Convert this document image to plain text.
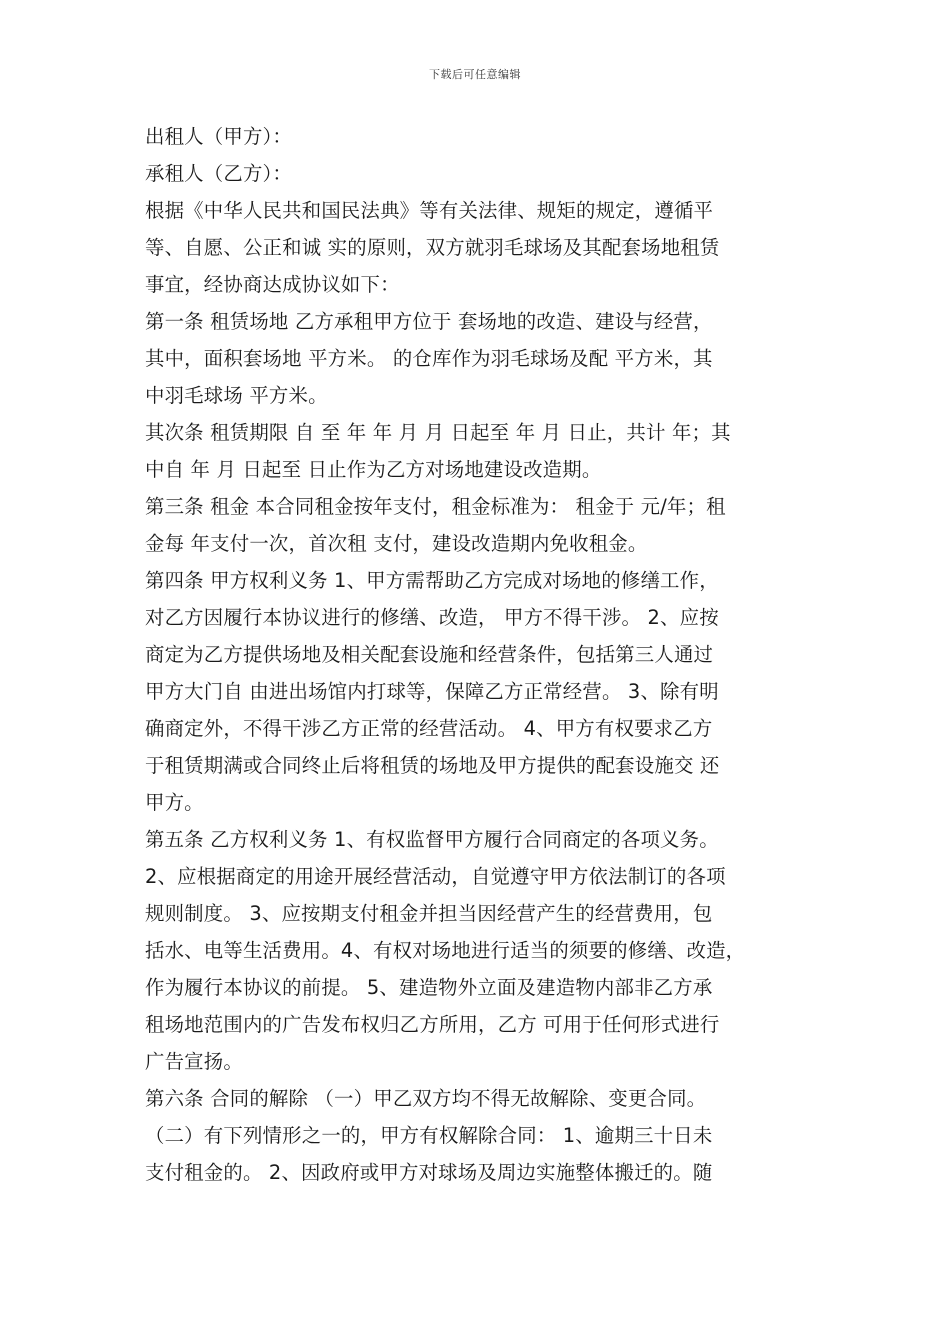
下载后可任意编辑
出租人（甲方）：
承租人（乙方）：
根据《中华人民共和国民法典》等有关法律、规矩的规定，遵循平
等、自愿、公正和诚 实的原则，双方就羽毛球场及其配套场地租赁
事宜，经协商达成协议如下：
第一条 租赁场地 乙方承租甲方位于 套场地的改造、建设与经营，
其中，面积套场地 平方米。 的仓库作为羽毛球场及配 平方米，其
中羽毛球场 平方米。
其次条 租赁期限 自 至 年 年 月 月 日起至 年 月 日止，共计 年；其
中自 年 月 日起至 日止作为乙方对场地建设改造期。
第三条 租金 本合同租金按年支付，租金标准为： 租金于 元/年；租
金每 年支付一次，首次租 支付，建设改造期内免收租金。
第四条 甲方权利义务 1、甲方需帮助乙方完成对场地的修缮工作，
对乙方因履行本协议进行的修缮、改造， 甲方不得干涉。 2、应按
商定为乙方提供场地及相关配套设施和经营条件，包括第三人通过
甲方大门自 由进出场馆内打球等，保障乙方正常经营。 3、除有明
确商定外，不得干涉乙方正常的经营活动。 4、甲方有权要求乙方
于租赁期满或合同终止后将租赁的场地及甲方提供的配套设施交 还
甲方。
第五条 乙方权利义务 1、有权监督甲方履行合同商定的各项义务。
2、应根据商定的用途开展经营活动，自觉遵守甲方依法制订的各项
规则制度。 3、应按期支付租金并担当因经营产生的经营费用，包
括水、电等生活费用。4、有权对场地进行适当的须要的修缮、改造，
作为履行本协议的前提。 5、建造物外立面及建造物内部非乙方承
租场地范围内的广告发布权归乙方所用，乙方 可用于任何形式进行
广告宣扬。
第六条 合同的解除 （一）甲乙双方均不得无故解除、变更合同。
（二）有下列情形之一的，甲方有权解除合同： 1、逾期三十日未
支付租金的。 2、因政府或甲方对球场及周边实施整体搬迁的。随
